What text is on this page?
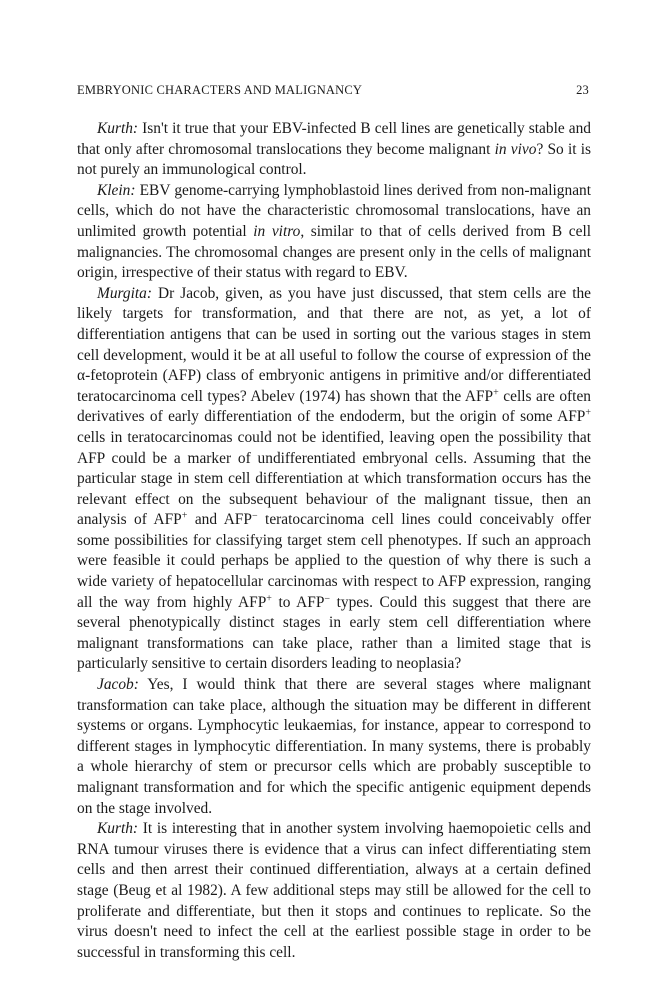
EMBRYONIC CHARACTERS AND MALIGNANCY	23

Kurth: Isn't it true that your EBV-infected B cell lines are genetically stable and that only after chromosomal translocations they become malignant in vivo? So it is not purely an immunological control.

Klein: EBV genome-carrying lymphoblastoid lines derived from non-malignant cells, which do not have the characteristic chromosomal translocations, have an unlimited growth potential in vitro, similar to that of cells derived from B cell malignancies. The chromosomal changes are present only in the cells of malignant origin, irrespective of their status with regard to EBV.

Murgita: Dr Jacob, given, as you have just discussed, that stem cells are the likely targets for transformation, and that there are not, as yet, a lot of differentiation antigens that can be used in sorting out the various stages in stem cell development, would it be at all useful to follow the course of expression of the α-fetoprotein (AFP) class of embryonic antigens in primitive and/or differentiated teratocarcinoma cell types? Abelev (1974) has shown that the AFP+ cells are often derivatives of early differentiation of the endoderm, but the origin of some AFP+ cells in teratocarcinomas could not be identified, leaving open the possibility that AFP could be a marker of undifferentiated embryonal cells. Assuming that the particular stage in stem cell differentiation at which transformation occurs has the relevant effect on the subsequent behaviour of the malignant tissue, then an analysis of AFP+ and AFP− teratocarcinoma cell lines could conceivably offer some possibilities for classifying target stem cell phenotypes. If such an approach were feasible it could perhaps be applied to the question of why there is such a wide variety of hepatocellular carcinomas with respect to AFP expression, ranging all the way from highly AFP+ to AFP− types. Could this suggest that there are several phenotypically distinct stages in early stem cell differentiation where malignant transformations can take place, rather than a limited stage that is particularly sensitive to certain disorders leading to neoplasia?

Jacob: Yes, I would think that there are several stages where malignant transformation can take place, although the situation may be different in different systems or organs. Lymphocytic leukaemias, for instance, appear to correspond to different stages in lymphocytic differentiation. In many systems, there is probably a whole hierarchy of stem or precursor cells which are probably susceptible to malignant transformation and for which the specific antigenic equipment depends on the stage involved.

Kurth: It is interesting that in another system involving haemopoietic cells and RNA tumour viruses there is evidence that a virus can infect differentiating stem cells and then arrest their continued differentiation, always at a certain defined stage (Beug et al 1982). A few additional steps may still be allowed for the cell to proliferate and differentiate, but then it stops and continues to replicate. So the virus doesn't need to infect the cell at the earliest possible stage in order to be successful in transforming this cell.
